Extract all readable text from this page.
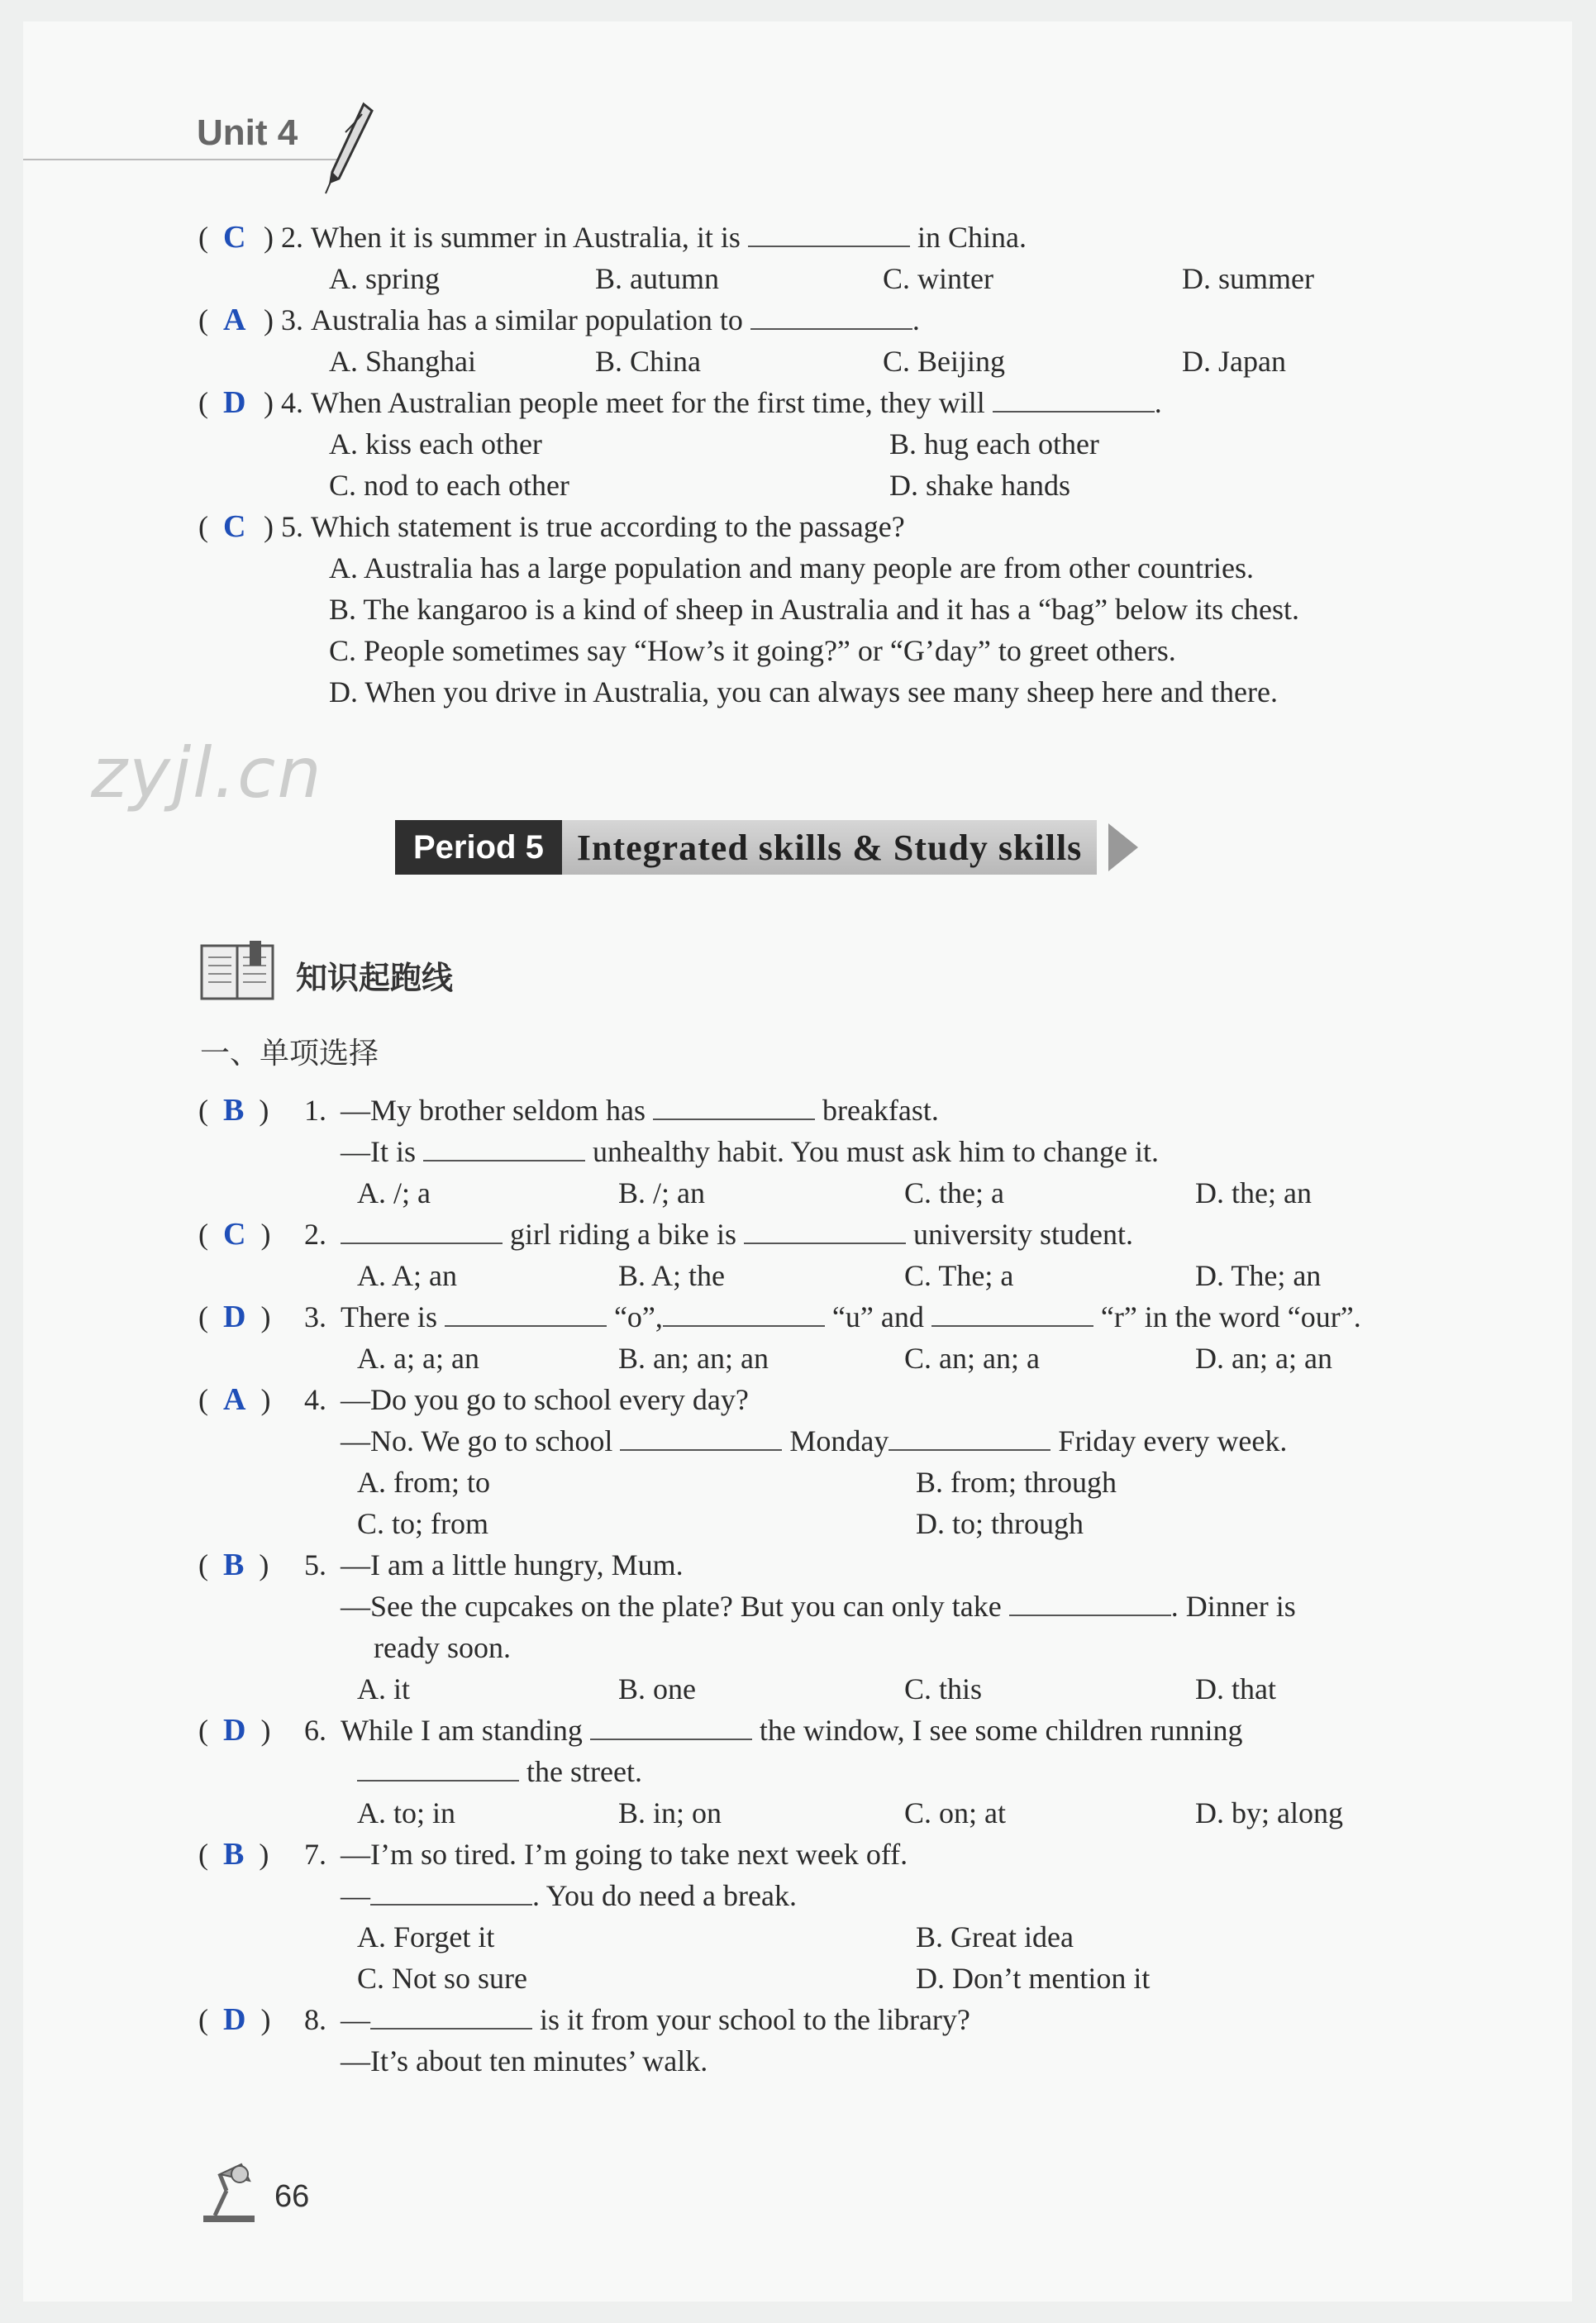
Unit 4
(  C ) 2.
When it is summer in Australia, it is

	in China.
A. spring	B. autumn	C. winter	D. summer
(  A ) 3.
Australia has a similar population to
	.
A. Shanghai	B. China	C. Beijing	D. Japan
(  D ) 4.
When Australian people meet for the first time, they will
	.
A. kiss each other	B. hug each other
C. nod to each other	D. shake hands
(  C ) 5.
Which statement is true according to the passage?
A. Australia has a large population and many people are from other countries.
B. The kangaroo is a kind of sheep in Australia and it has a “bag” below its chest.
C. People sometimes say “How’s it going?” or “G’day” to greet others.
D. When you drive in Australia, you can always see many sheep here and there.
zyjl.cn
Period 5 Integrated skills & Study skills
知识起跑线
一、单项选择
(  B  ) 1. —My brother seldom has

	breakfast.
—It is

	unhealthy habit. You must ask him to change it.
A. /; a	B. /; an	C. the; a	D. the; an
(  C  ) 2.
	girl riding a bike is

	university student.
A. A; an	B. A; the	C. The; a	D. The; an
(  D  ) 3. There is

	“o”,
	“u” and

	“r” in the word “our”.
A. a; a; an	B. an; an; an	C. an; an; a	D. an; a; an
(  A  ) 4. —Do you go to school every day?
—No. We go to school

	Monday
	Friday every week.
A. from; to	B. from; through
C. to; from	D. to; through
(  B  ) 5. —I am a little hungry, Mum.
—See the cupcakes on the plate? But you can only take
	. Dinner is
ready soon.
A. it	B. one	C. this	D. that
(  D  ) 6. While I am standing

	the window, I see some children running

the street.
A. to; in	B. in; on	C. on; at	D. by; along
(  B  ) 7. —I’m so tired. I’m going to take next week off.
—	. You do need a break.
A. Forget it	B. Great idea
C. Not so sure	D. Don’t mention it
(  D  ) 8. —
	is it from your school to the library?
—It’s about ten minutes’ walk.
66
